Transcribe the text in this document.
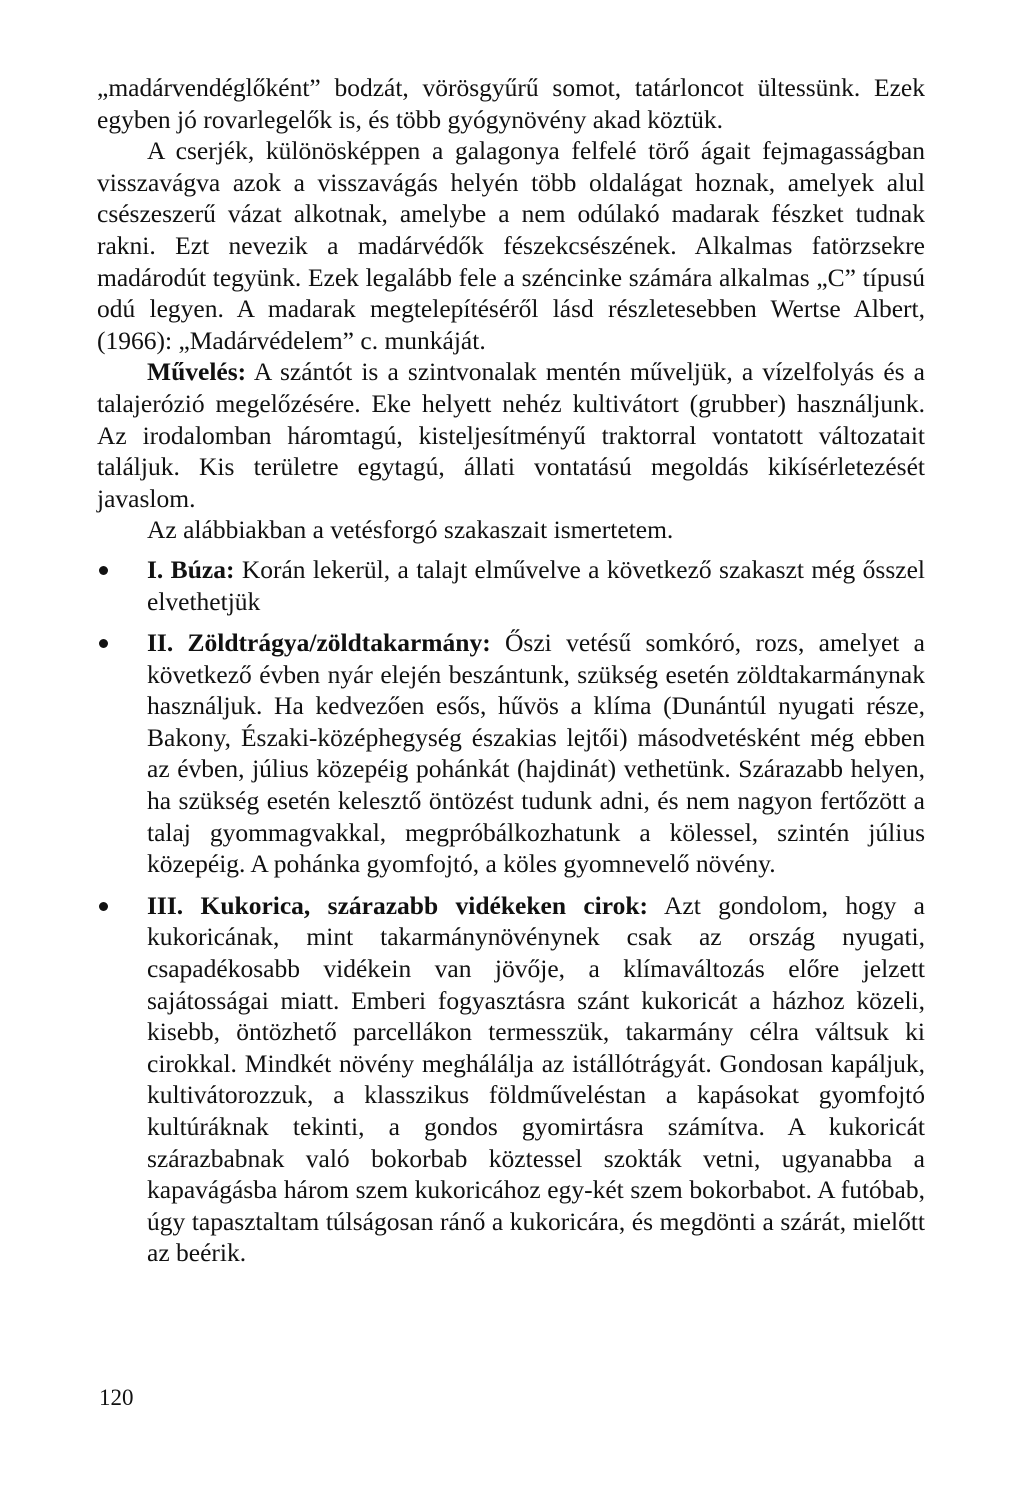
„madárvendéglőként” bodzát, vörösgyűrű somot, tatárloncot ültessünk. Ezek egyben jó rovarlegelők is, és több gyógynövény akad köztük.

A cserjék, különösképpen a galagonya felfelé törő ágait fejmagasságban visszavágva azok a visszavágás helyén több oldalágat hoznak, amelyek alul csészeszerű vázat alkotnak, amelybe a nem odúlakó madarak fészket tudnak rakni. Ezt nevezik a madárvédők fészekcsészének. Alkalmas fatörzsekre madárodút tegyünk. Ezek legalább fele a széncinke számára alkalmas „C” típusú odú legyen. A madarak megtelepítéséről lásd részletesebben Wertse Albert, (1966): „Madárvédelem” c. munkáját.

Művelés: A szántót is a szintvonalak mentén műveljük, a vízelfolyás és a talajerózió megelőzésére. Eke helyett nehéz kultivátort (grubber) használjunk. Az irodalomban háromtagú, kisteljesítményű traktorral vontatott változatait találjuk. Kis területre egytagú, állati vontatású megoldás kikísérletezését javaslom.

Az alábbiakban a vetésforgó szakaszait ismertetem.

I. Búza: Korán lekerül, a talajt elművelve a következő szakaszt még ősszel elvethetjük
II. Zöldtrágya/zöldtakarmány: Őszi vetésű somkóró, rozs, amelyet a következő évben nyár elején beszántunk, szükség esetén zöldtakarmánynak használjuk. Ha kedvezően esős, hűvös a klíma (Dunántúl nyugati része, Bakony, Északi-középhegység északias lejtői) másodvetésként még ebben az évben, július közepéig pohánkát (hajdinát) vethetünk. Szárazabb helyen, ha szükség esetén kelesztő öntözést tudunk adni, és nem nagyon fertőzött a talaj gyommagvakkal, megpróbálkozhatunk a kölessel, szintén július közepéig. A pohánka gyomfojtó, a köles gyomnevelő növény.
III. Kukorica, szárazabb vidékeken cirok: Azt gondolom, hogy a kukoricának, mint takarmánynövénynek csak az ország nyugati, csapadékosabb vidékein van jövője, a klímaváltozás előre jelzett sajátosságai miatt. Emberi fogyasztásra szánt kukoricát a házhoz közeli, kisebb, öntözhető parcellákon termesszük, takarmány célra váltsuk ki cirokkal. Mindkét növény meghálálja az istállótrágyát. Gondosan kapáljuk, kultivátorozzuk, a klasszikus földműveléstan a kapásokat gyomfojtó kultúráknak tekinti, a gondos gyomirtásra számítva. A kukoricát szárazbabnak való bokorbab köztessel szokták vetni, ugyanabba a kapavágásba három szem kukoricához egy-két szem bokorbabot. A futóbab, úgy tapasztaltam túlságosan ránő a kukoricára, és megdönti a szárát, mielőtt az beérik.
120
